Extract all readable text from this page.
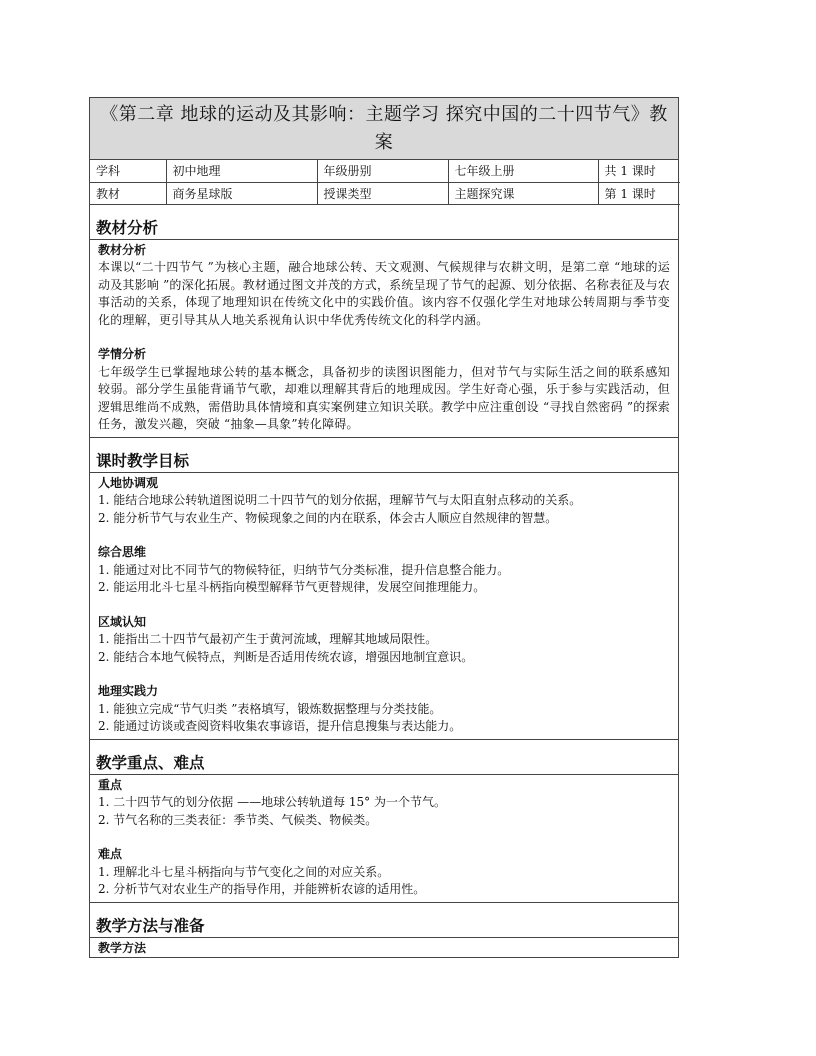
《第二章 地球的运动及其影响：主题学习 探究中国的二十四节气》教案
学科	初中地理	年级册别	七年级上册	共 1 课时
教材	商务星球版	授课类型	主题探究课	第 1 课时
教材分析
教材分析
本课以“二十四节气 ”为核心主题，融合地球公转、天文观测、气候规律与农耕文明，是第二章 “地球的运动及其影响 ”的深化拓展。教材通过图文并茂的方式，系统呈现了节气的起源、划分依据、名称表征及与农事活动的关系，体现了地理知识在传统文化中的实践价值。该内容不仅强化学生对地球公转周期与季节变化的理解，更引导其从人地关系视角认识中华优秀传统文化的科学内涵。
学情分析
七年级学生已掌握地球公转的基本概念，具备初步的读图识图能力，但对节气与实际生活之间的联系感知较弱。部分学生虽能背诵节气歌，却难以理解其背后的地理成因。学生好奇心强，乐于参与实践活动，但逻辑思维尚不成熟，需借助具体情境和真实案例建立知识关联。教学中应注重创设 “寻找自然密码 ”的探索任务，激发兴趣，突破 “抽象—具象”转化障碍。
课时教学目标
人地协调观
1. 能结合地球公转轨道图说明二十四节气的划分依据，理解节气与太阳直射点移动的关系。
2. 能分析节气与农业生产、物候现象之间的内在联系，体会古人顺应自然规律的智慧。
综合思维
1. 能通过对比不同节气的物候特征，归纳节气分类标准，提升信息整合能力。
2. 能运用北斗七星斗柄指向模型解释节气更替规律，发展空间推理能力。
区域认知
1. 能指出二十四节气最初产生于黄河流域，理解其地域局限性。
2. 能结合本地气候特点，判断是否适用传统农谚，增强因地制宜意识。
地理实践力
1. 能独立完成“节气归类 ”表格填写，锻炼数据整理与分类技能。
2. 能通过访谈或查阅资料收集农事谚语，提升信息搜集与表达能力。
教学重点、难点
重点
1. 二十四节气的划分依据 ——地球公转轨道每 15° 为一个节气。
2. 节气名称的三类表征：季节类、气候类、物候类。
难点
1. 理解北斗七星斗柄指向与节气变化之间的对应关系。
2. 分析节气对农业生产的指导作用，并能辨析农谚的适用性。
教学方法与准备
教学方法
